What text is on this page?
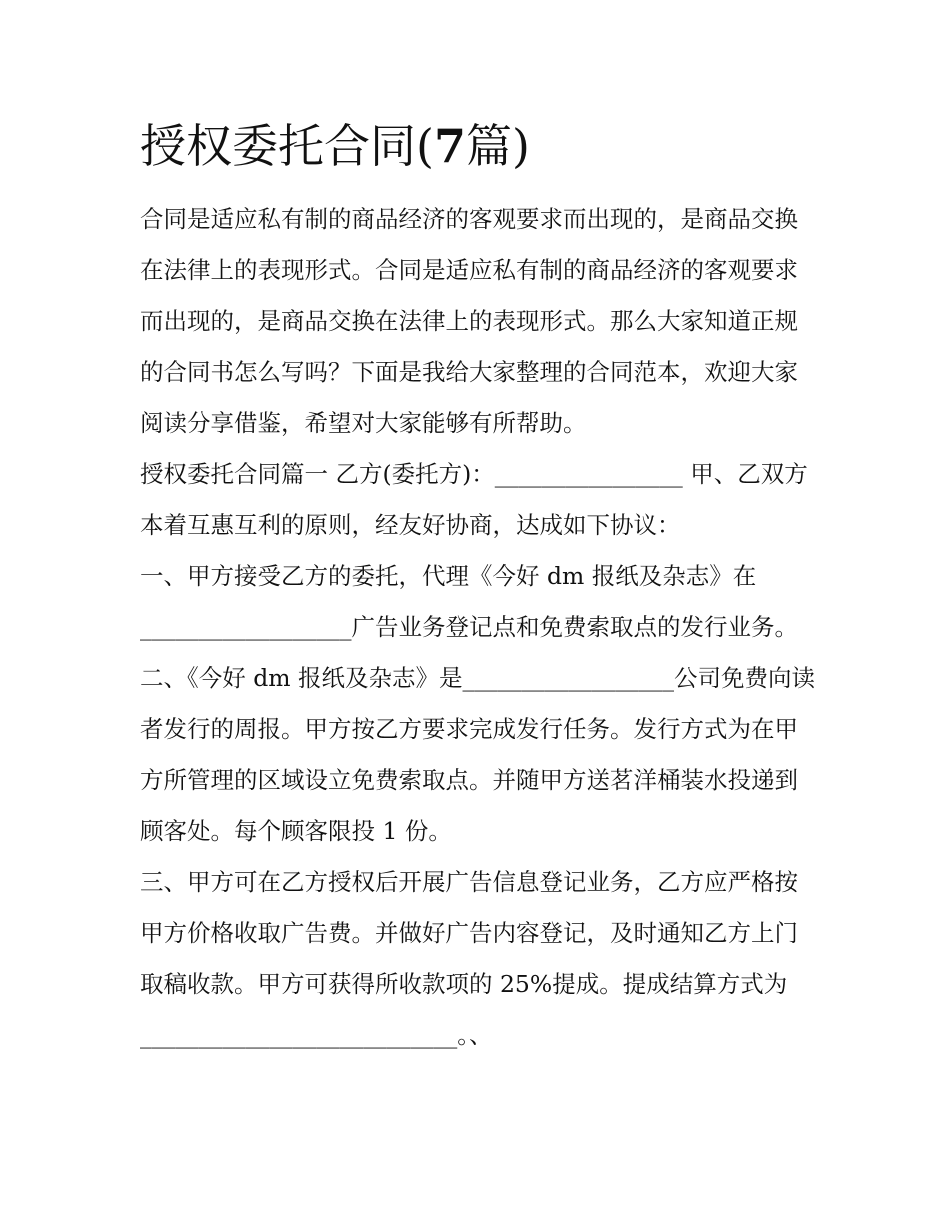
授权委托合同(7篇)

合同是适应私有制的商品经济的客观要求而出现的，是商品交换在法律上的表现形式。合同是适应私有制的商品经济的客观要求而出现的，是商品交换在法律上的表现形式。那么大家知道正规的合同书怎么写吗？下面是我给大家整理的合同范本，欢迎大家阅读分享借鉴，希望对大家能够有所帮助。

授权委托合同篇一 乙方(委托方)：________________ 甲、乙双方本着互惠互利的原则，经友好协商，达成如下协议：

一、甲方接受乙方的委托，代理《今好 dm 报纸及杂志》在__________________广告业务登记点和免费索取点的发行业务。

二、《今好 dm 报纸及杂志》是__________________公司免费向读者发行的周报。甲方按乙方要求完成发行任务。发行方式为在甲方所管理的区域设立免费索取点。并随甲方送茗洋桶装水投递到顾客处。每个顾客限投 1 份。

三、甲方可在乙方授权后开展广告信息登记业务，乙方应严格按甲方价格收取广告费。并做好广告内容登记，及时通知乙方上门取稿收款。甲方可获得所收款项的 25%提成。提成结算方式为___________________________。、
